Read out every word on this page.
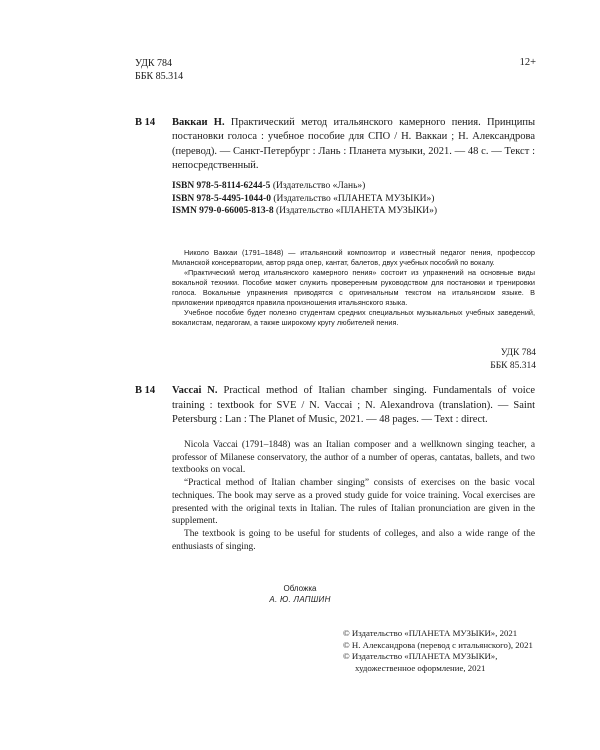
УДК 784
ББК 85.314
12+
В 14 Ваккаи Н. Практический метод итальянского камерного пения. Принципы постановки голоса : учебное пособие для СПО / Н. Ваккаи ; Н. Александрова (перевод). — Санкт-Петербург : Лань : Планета музыки, 2021. — 48 с. — Текст : непосредственный.
ISBN 978-5-8114-6244-5 (Издательство «Лань»)
ISBN 978-5-4495-1044-0 (Издательство «ПЛАНЕТА МУЗЫКИ»)
ISMN 979-0-66005-813-8 (Издательство «ПЛАНЕТА МУЗЫКИ»)

Николо Ваккаи (1791–1848) — итальянский композитор и известный педагог пения, профессор Миланской консерватории, автор ряда опер, кантат, балетов, двух учебных пособий по вокалу.

«Практический метод итальянского камерного пения» состоит из упражнений на основные виды вокальной техники. Пособие может служить проверенным руководством для постановки и тренировки голоса. Вокальные упражнения приводятся с оригинальным текстом на итальянском языке. В приложении приводятся правила произношения итальянского языка.

Учебное пособие будет полезно студентам средних специальных музыкальных учебных заведений, вокалистам, педагогам, а также широкому кругу любителей пения.

УДК 784
ББК 85.314
В 14 Vaccai N. Practical method of Italian chamber singing. Fundamentals of voice training : textbook for SVE / N. Vaccai ; N. Alexandrova (translation). — Saint Petersburg : Lan : The Planet of Music, 2021. — 48 pages. — Text : direct.

Nicola Vaccai (1791–1848) was an Italian composer and a wellknown singing teacher, a professor of Milanese conservatory, the author of a number of operas, cantatas, ballets, and two textbooks on vocal.

“Practical method of Italian chamber singing” consists of exercises on the basic vocal techniques. The book may serve as a proved study guide for voice training. Vocal exercises are presented with the original texts in Italian. The rules of Italian pronunciation are given in the supplement.

The textbook is going to be useful for students of colleges, and also a wide range of the enthusiasts of singing.

Обложка
А. Ю. ЛАПШИН
© Издательство «ПЛАНЕТА МУЗЫКИ», 2021
© Н. Александрова (перевод с итальянского), 2021
© Издательство «ПЛАНЕТА МУЗЫКИ»,
художественное оформление, 2021
